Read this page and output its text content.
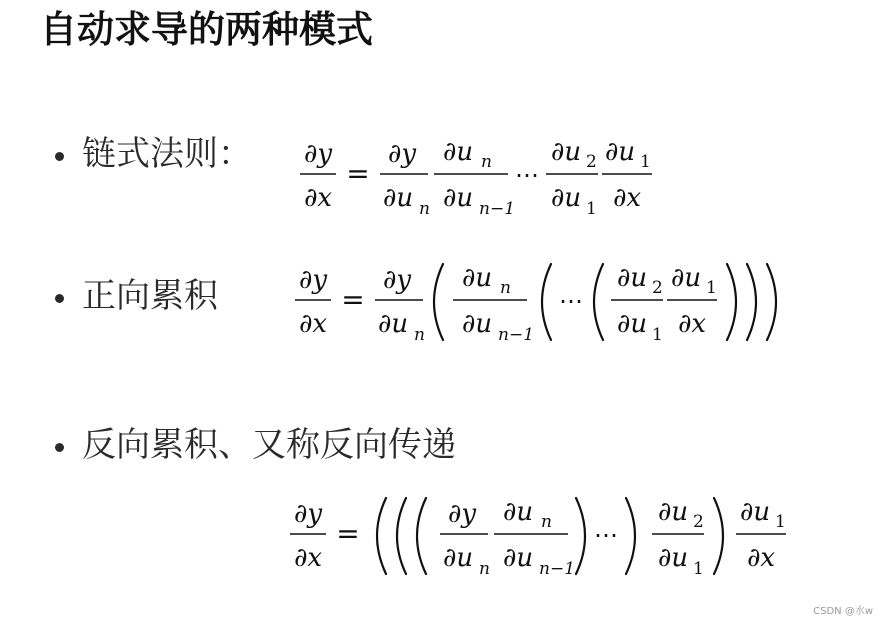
自动求导的两种模式
链式法则： ∂y
∂x
=
∂y
∂u n
∂u n
∂u n−1
⋯
∂u 2
∂u 1
∂u 1
∂x
正向累积	∂y
∂x
=
∂y
∂u n
∂u n
∂u n−1
⋯
∂u 2
∂u 1
∂u 1
∂x
反向累积、又称反向传递
∂y
∂x
=
∂y
∂u n
∂u n
∂u n−1
⋯
∂u 2
∂u 1
∂u 1
∂x
CSDN @水w
